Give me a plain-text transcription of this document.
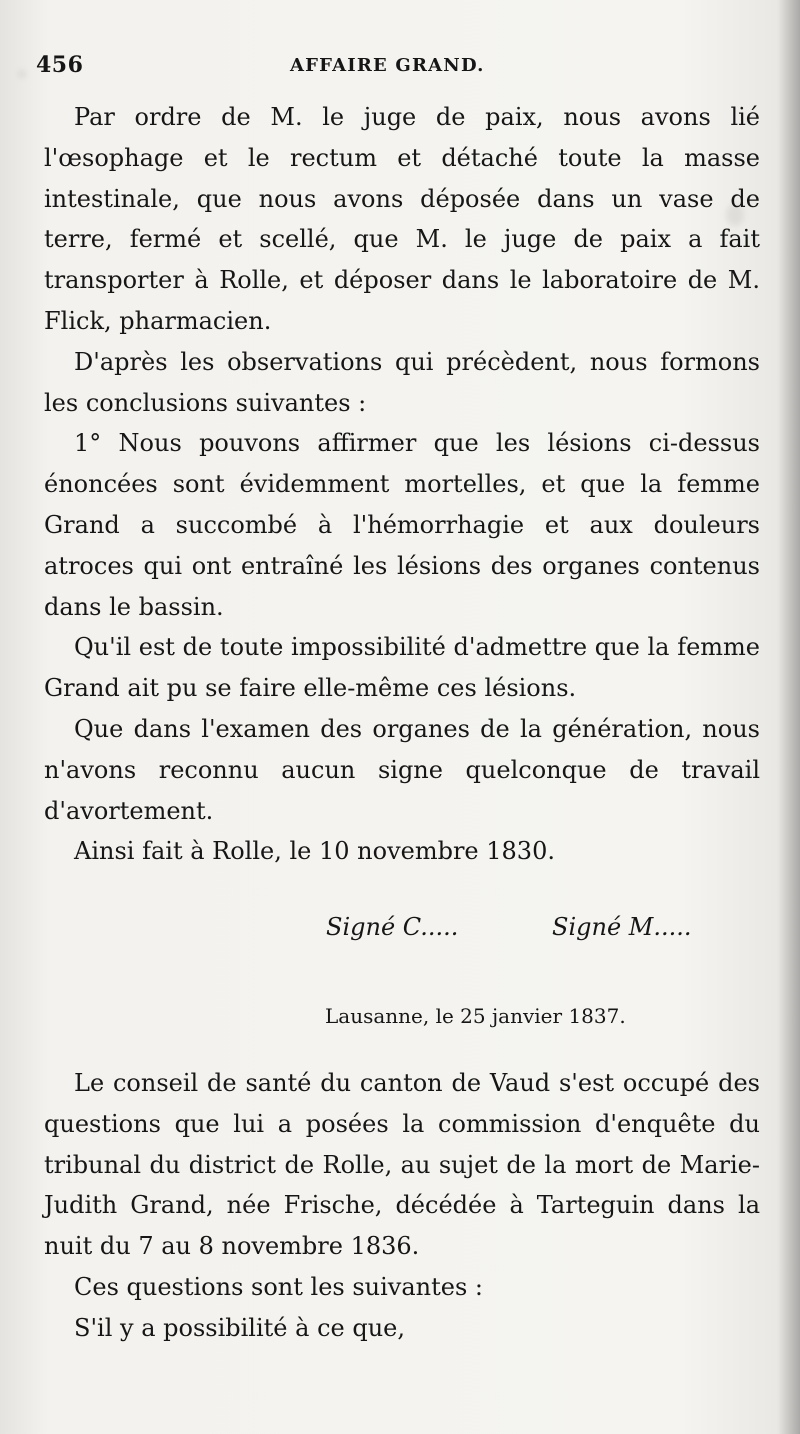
456	AFFAIRE GRAND.

Par ordre de M. le juge de paix, nous avons lié l'œsophage et le rectum et détaché toute la masse intestinale, que nous avons déposée dans un vase de terre, fermé et scellé, que M. le juge de paix a fait transporter à Rolle, et déposer dans le laboratoire de M. Flick, pharmacien.

D'après les observations qui précèdent, nous formons les conclusions suivantes :

1° Nous pouvons affirmer que les lésions ci-dessus énoncées sont évidemment mortelles, et que la femme Grand a succombé à l'hémorrhagie et aux douleurs atroces qui ont entraîné les lésions des organes contenus dans le bassin.

Qu'il est de toute impossibilité d'admettre que la femme Grand ait pu se faire elle-même ces lésions.

Que dans l'examen des organes de la génération, nous n'avons reconnu aucun signe quelconque de travail d'avortement.

Ainsi fait à Rolle, le 10 novembre 1830.

Signé C.....	Signé M.....
Lausanne, le 25 janvier 1837.

Le conseil de santé du canton de Vaud s'est occupé des questions que lui a posées la commission d'enquête du tribunal du district de Rolle, au sujet de la mort de Marie-Judith Grand, née Frische, décédée à Tarteguin dans la nuit du 7 au 8 novembre 1836.

Ces questions sont les suivantes :

S'il y a possibilité à ce que,
